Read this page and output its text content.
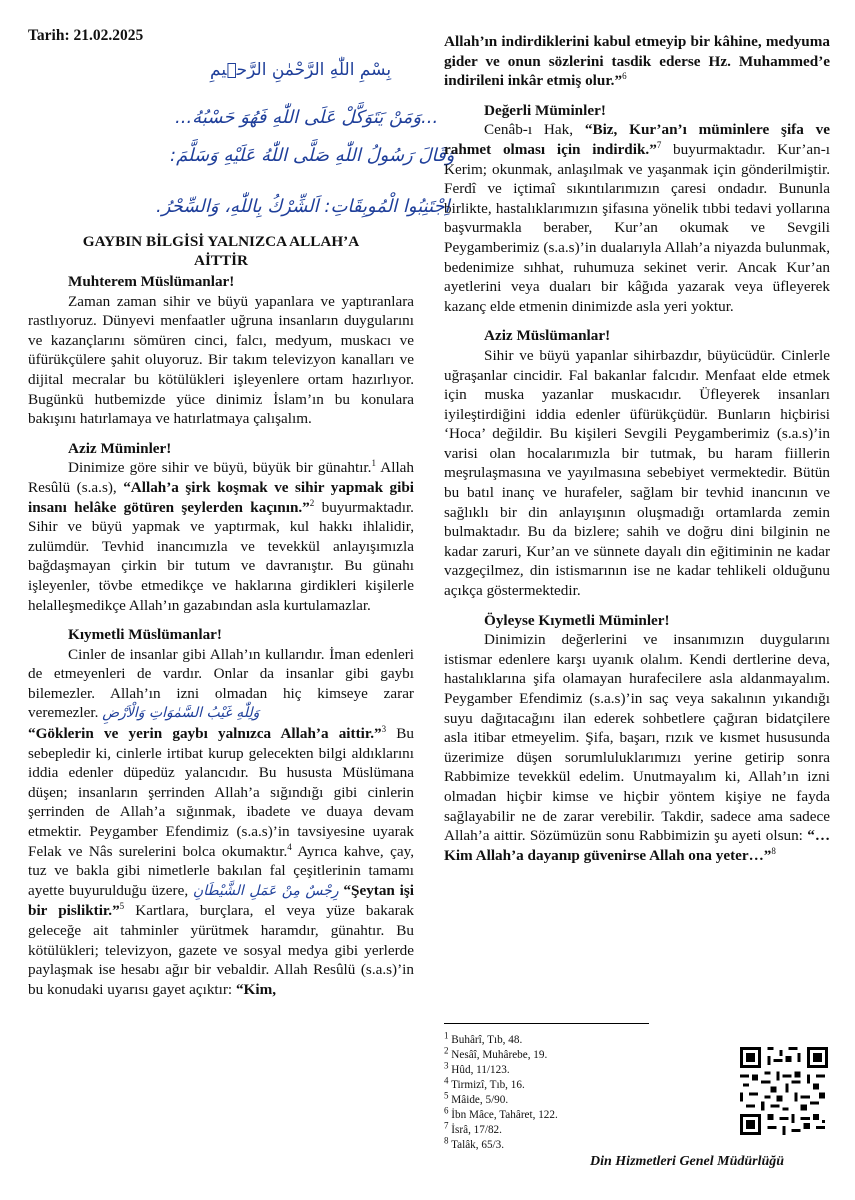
Tarih: 21.02.2025
بِسْمِ اللّٰهِ الرَّحْمٰنِ الرَّح۪يمِ
...وَمَنْ يَتَوَكَّلْ عَلَى اللّٰهِ فَهُوَ حَسْبُهُ...
وَقَالَ رَسُولُ اللّٰهِ صَلَّى اللّٰهُ عَلَيْهِ وَسَلَّمَ:
اِجْتَنِبُوا الْمُوبِقَاتِ: اَلشِّرْكُ بِاللّٰهِ، وَالسِّحْرُ.
GAYBIN BİLGİSİ YALNIZCA ALLAH’A
AİTTİR
Muhterem Müslümanlar!

Zaman zaman sihir ve büyü yapanlara ve yaptıranlara rastlıyoruz. Dünyevi menfaatler uğruna insanların duygularını ve kazançlarını sömüren cinci, falcı, medyum, muskacı ve üfürükçülere şahit oluyoruz. Bir takım televizyon kanalları ve dijital mecralar bu kötülükleri işleyenlere ortam hazırlıyor. Bugünkü hutbemizde yüce dinimiz İslam’ın bu konulara bakışını hatırlamaya ve hatırlatmaya çalışalım.

Aziz Müminler!

Dinimize göre sihir ve büyü, büyük bir günahtır.$^1$ Allah Resûlü (s.a.s), “Allah’a şirk koşmak ve sihir yapmak gibi insanı helâke götüren şeylerden kaçının.”$^2$ buyurmaktadır. Sihir ve büyü yapmak ve yaptırmak, kul hakkı ihlalidir, zulümdür. Tevhid inancımızla ve tevekkül anlayışımızla bağdaşmayan çirkin bir tutum ve davranıştır. Bu günahı işleyenler, tövbe etmedikçe ve haklarına girdikleri kişilerle helalleşmedikçe Allah’ın gazabından asla kurtulamazlar.

Kıymetli Müslümanlar!

Cinler de insanlar gibi Allah’ın kullarıdır. İman edenleri de etmeyenleri de vardır. Onlar da insanlar gibi gaybı bilemezler. Allah’ın izni olmadan hiç kimseye zarar veremezler. وَلِلّٰهِ غَيْبُ السَّمٰوَاتِ وَالْاَرْضِ
“Göklerin ve yerin gaybı yalnızca Allah’a aittir.”$^3$ Bu sebepledir ki, cinlerle irtibat kurup gelecekten bilgi aldıklarını iddia edenler düpedüz yalancıdır. Bu hususta Müslümana düşen; insanların şerrinden Allah’a sığındığı gibi cinlerin şerrinden de Allah’a sığınmak, ibadete ve duaya devam etmektir. Peygamber Efendimiz (s.a.s)’in tavsiyesine uyarak Felak ve Nâs surelerini bolca okumaktır.$^4$ Ayrıca kahve, çay, tuz ve bakla gibi nimetlerle bakılan fal çeşitlerinin tamamı ayette buyurulduğu üzere, رِجْسٌ مِنْ عَمَلِ الشَّيْطَانِ “Şeytan işi bir pisliktir.”$^5$ Kartlara, burçlara, el veya yüze bakarak geleceğe ait tahminler yürütmek haramdır, günahtır. Bu kötülükleri; televizyon, gazete ve sosyal medya gibi yerlerde paylaşmak ise hesabı ağır bir vebaldir. Allah Resûlü (s.a.s)’in bu konudaki uyarısı gayet açıktır: “Kim,

Allah’ın indirdiklerini kabul etmeyip bir kâhine, medyuma gider ve onun sözlerini tasdik ederse Hz. Muhammed’e indirileni inkâr etmiş olur.”$^6$

Değerli Müminler!

Cenâb-ı Hak, “Biz, Kur’an’ı müminlere şifa ve rahmet olması için indirdik.”$^7$ buyurmaktadır. Kur’an-ı Kerim; okunmak, anlaşılmak ve yaşanmak için gönderilmiştir. Ferdî ve içtimaî sıkıntılarımızın çaresi ondadır. Bununla birlikte, hastalıklarımızın şifasına yönelik tıbbi tedavi yollarına başvurmakla beraber, Kur’an okumak ve Sevgili Peygamberimiz (s.a.s)’in dualarıyla Allah’a niyazda bulunmak, bedenimize sıhhat, ruhumuza sekinet verir. Ancak Kur’an ayetlerini veya duaları bir kâğıda yazarak veya üfleyerek kazanç elde etmenin dinimizde asla yeri yoktur.

Aziz Müslümanlar!

Sihir ve büyü yapanlar sihirbazdır, büyücüdür. Cinlerle uğraşanlar cincidir. Fal bakanlar falcıdır. Menfaat elde etmek için muska yazanlar muskacıdır. Üfleyerek insanları iyileştirdiğini iddia edenler üfürükçüdür. Bunların hiçbirisi ‘Hoca’ değildir. Bu kişileri Sevgili Peygamberimiz (s.a.s)’in varisi olan hocalarımızla bir tutmak, bu haram fiillerin meşrulaşmasına ve yayılmasına sebebiyet vermektedir. Bütün bu batıl inanç ve hurafeler, sağlam bir tevhid inancının ve sağlıklı bir din anlayışının oluşmadığı ortamlarda zemin bulmaktadır. Bu da bizlere; sahih ve doğru dini bilginin ne kadar zaruri, Kur’an ve sünnete dayalı din eğitiminin ne kadar vazgeçilmez, din istismarının ise ne kadar tehlikeli olduğunu açıkça göstermektedir.

Öyleyse Kıymetli Müminler!

Dinimizin değerlerini ve insanımızın duygularını istismar edenlere karşı uyanık olalım. Kendi dertlerine deva, hastalıklarına şifa olamayan hurafecilere asla aldanmayalım. Peygamber Efendimiz (s.a.s)’in saç veya sakalının yıkandığı suyu dağıtacağını ilan ederek sohbetlere çağıran bidatçilere asla itibar etmeyelim. Şifa, başarı, rızık ve kısmet hususunda üzerimize düşen sorumluluklarımızı yerine getirip sonra Rabbimize tevekkül edelim. Unutmayalım ki, Allah’ın izni olmadan hiçbir kimse ve hiçbir yöntem kişiye ne fayda sağlayabilir ne de zarar verebilir. Takdir, sadece ama sadece Allah’a aittir. Sözümüzün sonu Rabbimizin şu ayeti olsun: “…Kim Allah’a dayanıp güvenirse Allah ona yeter…”$^8$

$^1$ Buhârî, Tıb, 48.
$^2$ Nesâî, Muhârebe, 19.
$^3$ Hûd, 11/123.
$^4$ Tirmizî, Tıb, 16.
$^5$ Mâide, 5/90.
$^6$ İbn Mâce, Tahâret, 122.
$^7$ İsrâ, 17/82.
$^8$ Talâk, 65/3.
Din Hizmetleri Genel Müdürlüğü
